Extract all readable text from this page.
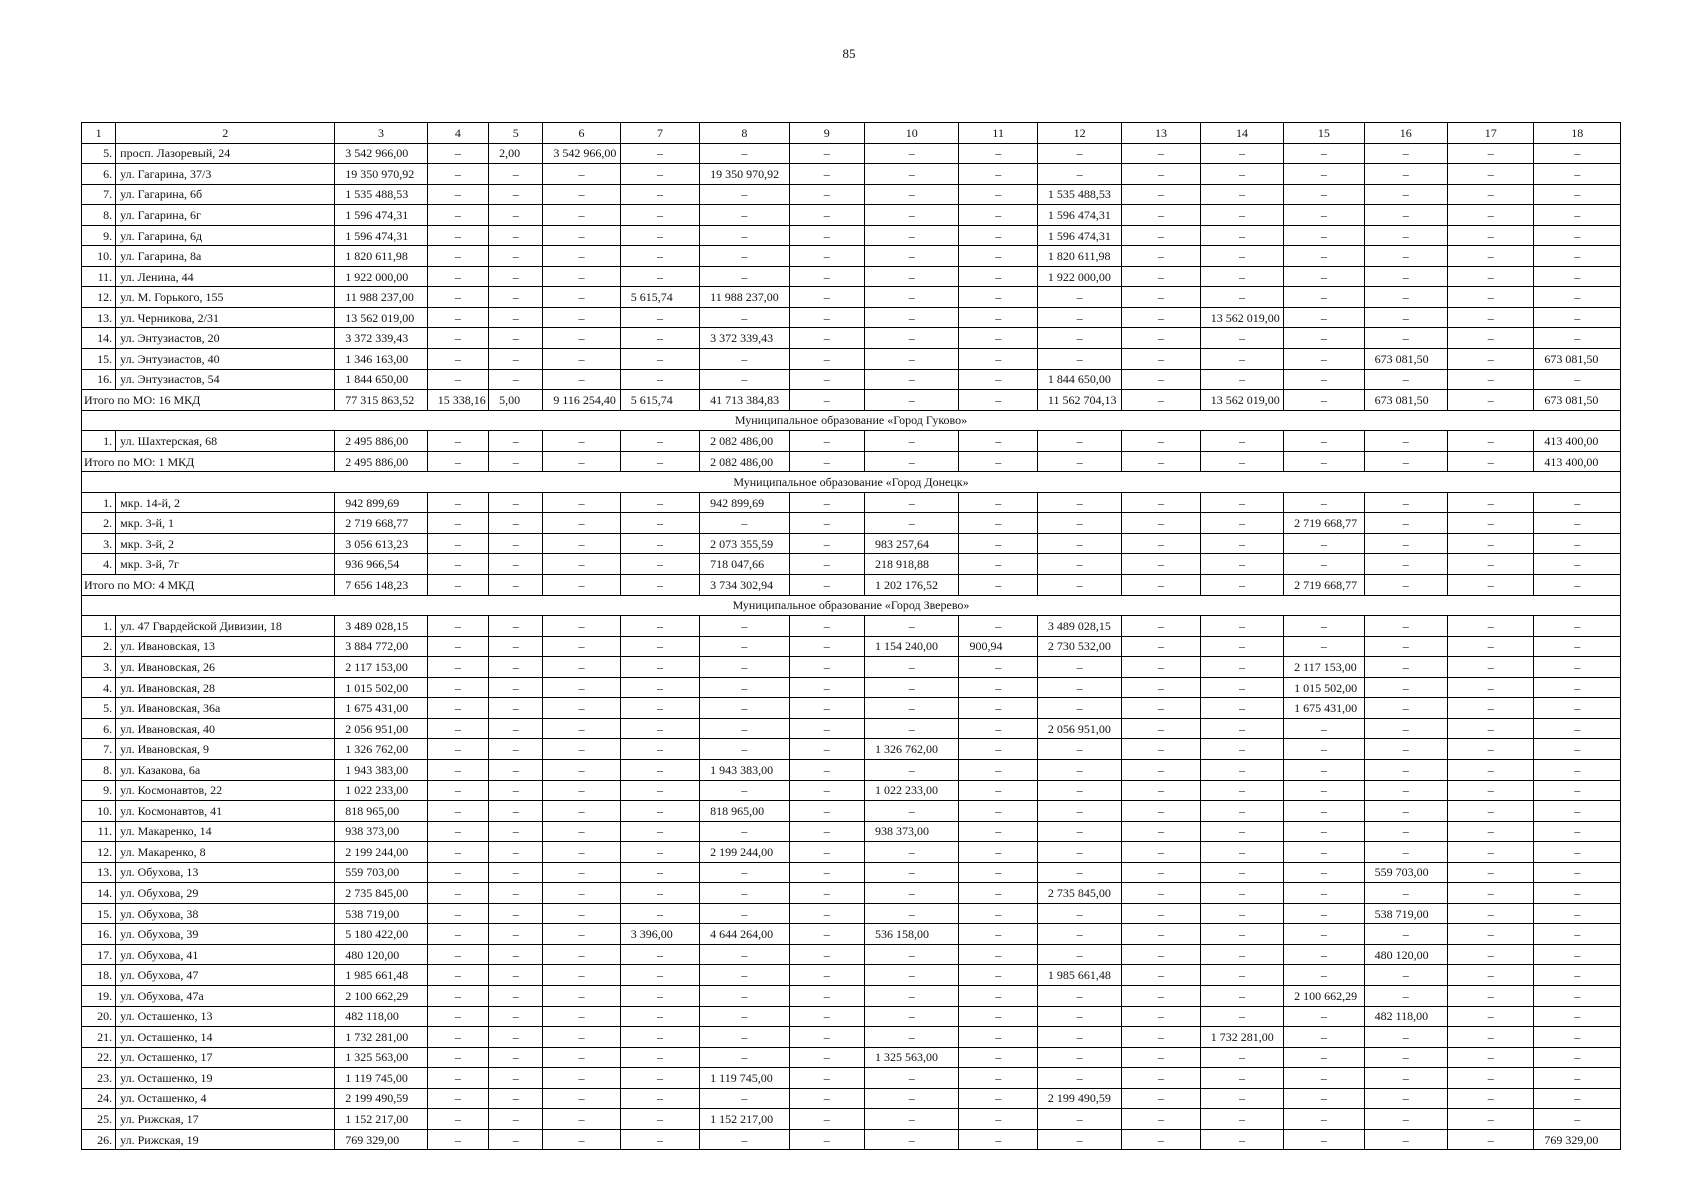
85
1	2	3	4	5	6	7	8	9	10	11	12	13	14	15	16	17	18
5.	просп. Лазоревый, 24	3 542 966,00	–	2,00	3 542 966,00	–	–	–	–	–	–	–	–	–	–	–	–
6.	ул. Гагарина, 37/3	19 350 970,92	–	–	–	–	19 350 970,92	–	–	–	–	–	–	–	–	–	–
7.	ул. Гагарина, 6б	1 535 488,53	–	–	–	–	–	–	–	–	1 535 488,53	–	–	–	–	–	–
8.	ул. Гагарина, 6г	1 596 474,31	–	–	–	–	–	–	–	–	1 596 474,31	–	–	–	–	–	–
9.	ул. Гагарина, 6д	1 596 474,31	–	–	–	–	–	–	–	–	1 596 474,31	–	–	–	–	–	–
10.	ул. Гагарина, 8а	1 820 611,98	–	–	–	–	–	–	–	–	1 820 611,98	–	–	–	–	–	–
11.	ул. Ленина, 44	1 922 000,00	–	–	–	–	–	–	–	–	1 922 000,00	–	–	–	–	–	–
12.	ул. М. Горького, 155	11 988 237,00	–	–	–	5 615,74	11 988 237,00	–	–	–	–	–	–	–	–	–	–
13.	ул. Черникова, 2/31	13 562 019,00	–	–	–	–	–	–	–	–	–	–	13 562 019,00	–	–	–	–
14.	ул. Энтузиастов, 20	3 372 339,43	–	–	–	–	3 372 339,43	–	–	–	–	–	–	–	–	–	–
15.	ул. Энтузиастов, 40	1 346 163,00	–	–	–	–	–	–	–	–	–	–	–	–	673 081,50	–	673 081,50
16.	ул. Энтузиастов, 54	1 844 650,00	–	–	–	–	–	–	–	–	1 844 650,00	–	–	–	–	–	–
Итого по МО: 16 МКД		77 315 863,52	15 338,16	5,00	9 116 254,40	5 615,74	41 713 384,83	–	–	–	11 562 704,13	–	13 562 019,00	–	673 081,50	–	673 081,50
Муниципальное образование «Город Гуково»																	
1.	ул. Шахтерская, 68	2 495 886,00	–	–	–	–	2 082 486,00	–	–	–	–	–	–	–	–	–	413 400,00
Итого по МО: 1 МКД		2 495 886,00	–	–	–	–	2 082 486,00	–	–	–	–	–	–	–	–	–	413 400,00
Муниципальное образование «Город Донецк»																	
1.	мкр. 14-й, 2	942 899,69	–	–	–	–	942 899,69	–	–	–	–	–	–	–	–	–	–
2.	мкр. 3-й, 1	2 719 668,77	–	–	–	–	–	–	–	–	–	–	–	2 719 668,77	–	–	–
3.	мкр. 3-й, 2	3 056 613,23	–	–	–	–	2 073 355,59	–	983 257,64	–	–	–	–	–	–	–	–
4.	мкр. 3-й, 7г	936 966,54	–	–	–	–	718 047,66	–	218 918,88	–	–	–	–	–	–	–	–
Итого по МО: 4 МКД		7 656 148,23	–	–	–	–	3 734 302,94	–	1 202 176,52	–	–	–	–	2 719 668,77	–	–	–
Муниципальное образование «Город Зверево»																	
1.	ул. 47 Гвардейской Дивизии, 18	3 489 028,15	–	–	–	–	–	–	–	–	3 489 028,15	–	–	–	–	–	–
2.	ул. Ивановская, 13	3 884 772,00	–	–	–	–	–	–	1 154 240,00	900,94	2 730 532,00	–	–	–	–	–	–
3.	ул. Ивановская, 26	2 117 153,00	–	–	–	–	–	–	–	–	–	–	–	2 117 153,00	–	–	–
4.	ул. Ивановская, 28	1 015 502,00	–	–	–	–	–	–	–	–	–	–	–	1 015 502,00	–	–	–
5.	ул. Ивановская, 36а	1 675 431,00	–	–	–	–	–	–	–	–	–	–	–	1 675 431,00	–	–	–
6.	ул. Ивановская, 40	2 056 951,00	–	–	–	–	–	–	–	–	2 056 951,00	–	–	–	–	–	–
7.	ул. Ивановская, 9	1 326 762,00	–	–	–	–	–	–	1 326 762,00	–	–	–	–	–	–	–	–
8.	ул. Казакова, 6а	1 943 383,00	–	–	–	–	1 943 383,00	–	–	–	–	–	–	–	–	–	–
9.	ул. Космонавтов, 22	1 022 233,00	–	–	–	–	–	–	1 022 233,00	–	–	–	–	–	–	–	–
10.	ул. Космонавтов, 41	818 965,00	–	–	–	–	818 965,00	–	–	–	–	–	–	–	–	–	–
11.	ул. Макаренко, 14	938 373,00	–	–	–	–	–	–	938 373,00	–	–	–	–	–	–	–	–
12.	ул. Макаренко, 8	2 199 244,00	–	–	–	–	2 199 244,00	–	–	–	–	–	–	–	–	–	–
13.	ул. Обухова, 13	559 703,00	–	–	–	–	–	–	–	–	–	–	–	–	559 703,00	–	–
14.	ул. Обухова, 29	2 735 845,00	–	–	–	–	–	–	–	–	2 735 845,00	–	–	–	–	–	–
15.	ул. Обухова, 38	538 719,00	–	–	–	–	–	–	–	–	–	–	–	–	538 719,00	–	–
16.	ул. Обухова, 39	5 180 422,00	–	–	–	3 396,00	4 644 264,00	–	536 158,00	–	–	–	–	–	–	–	–
17.	ул. Обухова, 41	480 120,00	–	–	–	–	–	–	–	–	–	–	–	–	480 120,00	–	–
18.	ул. Обухова, 47	1 985 661,48	–	–	–	–	–	–	–	–	1 985 661,48	–	–	–	–	–	–
19.	ул. Обухова, 47а	2 100 662,29	–	–	–	–	–	–	–	–	–	–	–	2 100 662,29	–	–	–
20.	ул. Осташенко, 13	482 118,00	–	–	–	–	–	–	–	–	–	–	–	–	482 118,00	–	–
21.	ул. Осташенко, 14	1 732 281,00	–	–	–	–	–	–	–	–	–	–	1 732 281,00	–	–	–	–
22.	ул. Осташенко, 17	1 325 563,00	–	–	–	–	–	–	1 325 563,00	–	–	–	–	–	–	–	–
23.	ул. Осташенко, 19	1 119 745,00	–	–	–	–	1 119 745,00	–	–	–	–	–	–	–	–	–	–
24.	ул. Осташенко, 4	2 199 490,59	–	–	–	–	–	–	–	–	2 199 490,59	–	–	–	–	–	–
25.	ул. Рижская, 17	1 152 217,00	–	–	–	–	1 152 217,00	–	–	–	–	–	–	–	–	–	–
26.	ул. Рижская, 19	769 329,00	–	–	–	–	–	–	–	–	–	–	–	–	–	–	769 329,00
